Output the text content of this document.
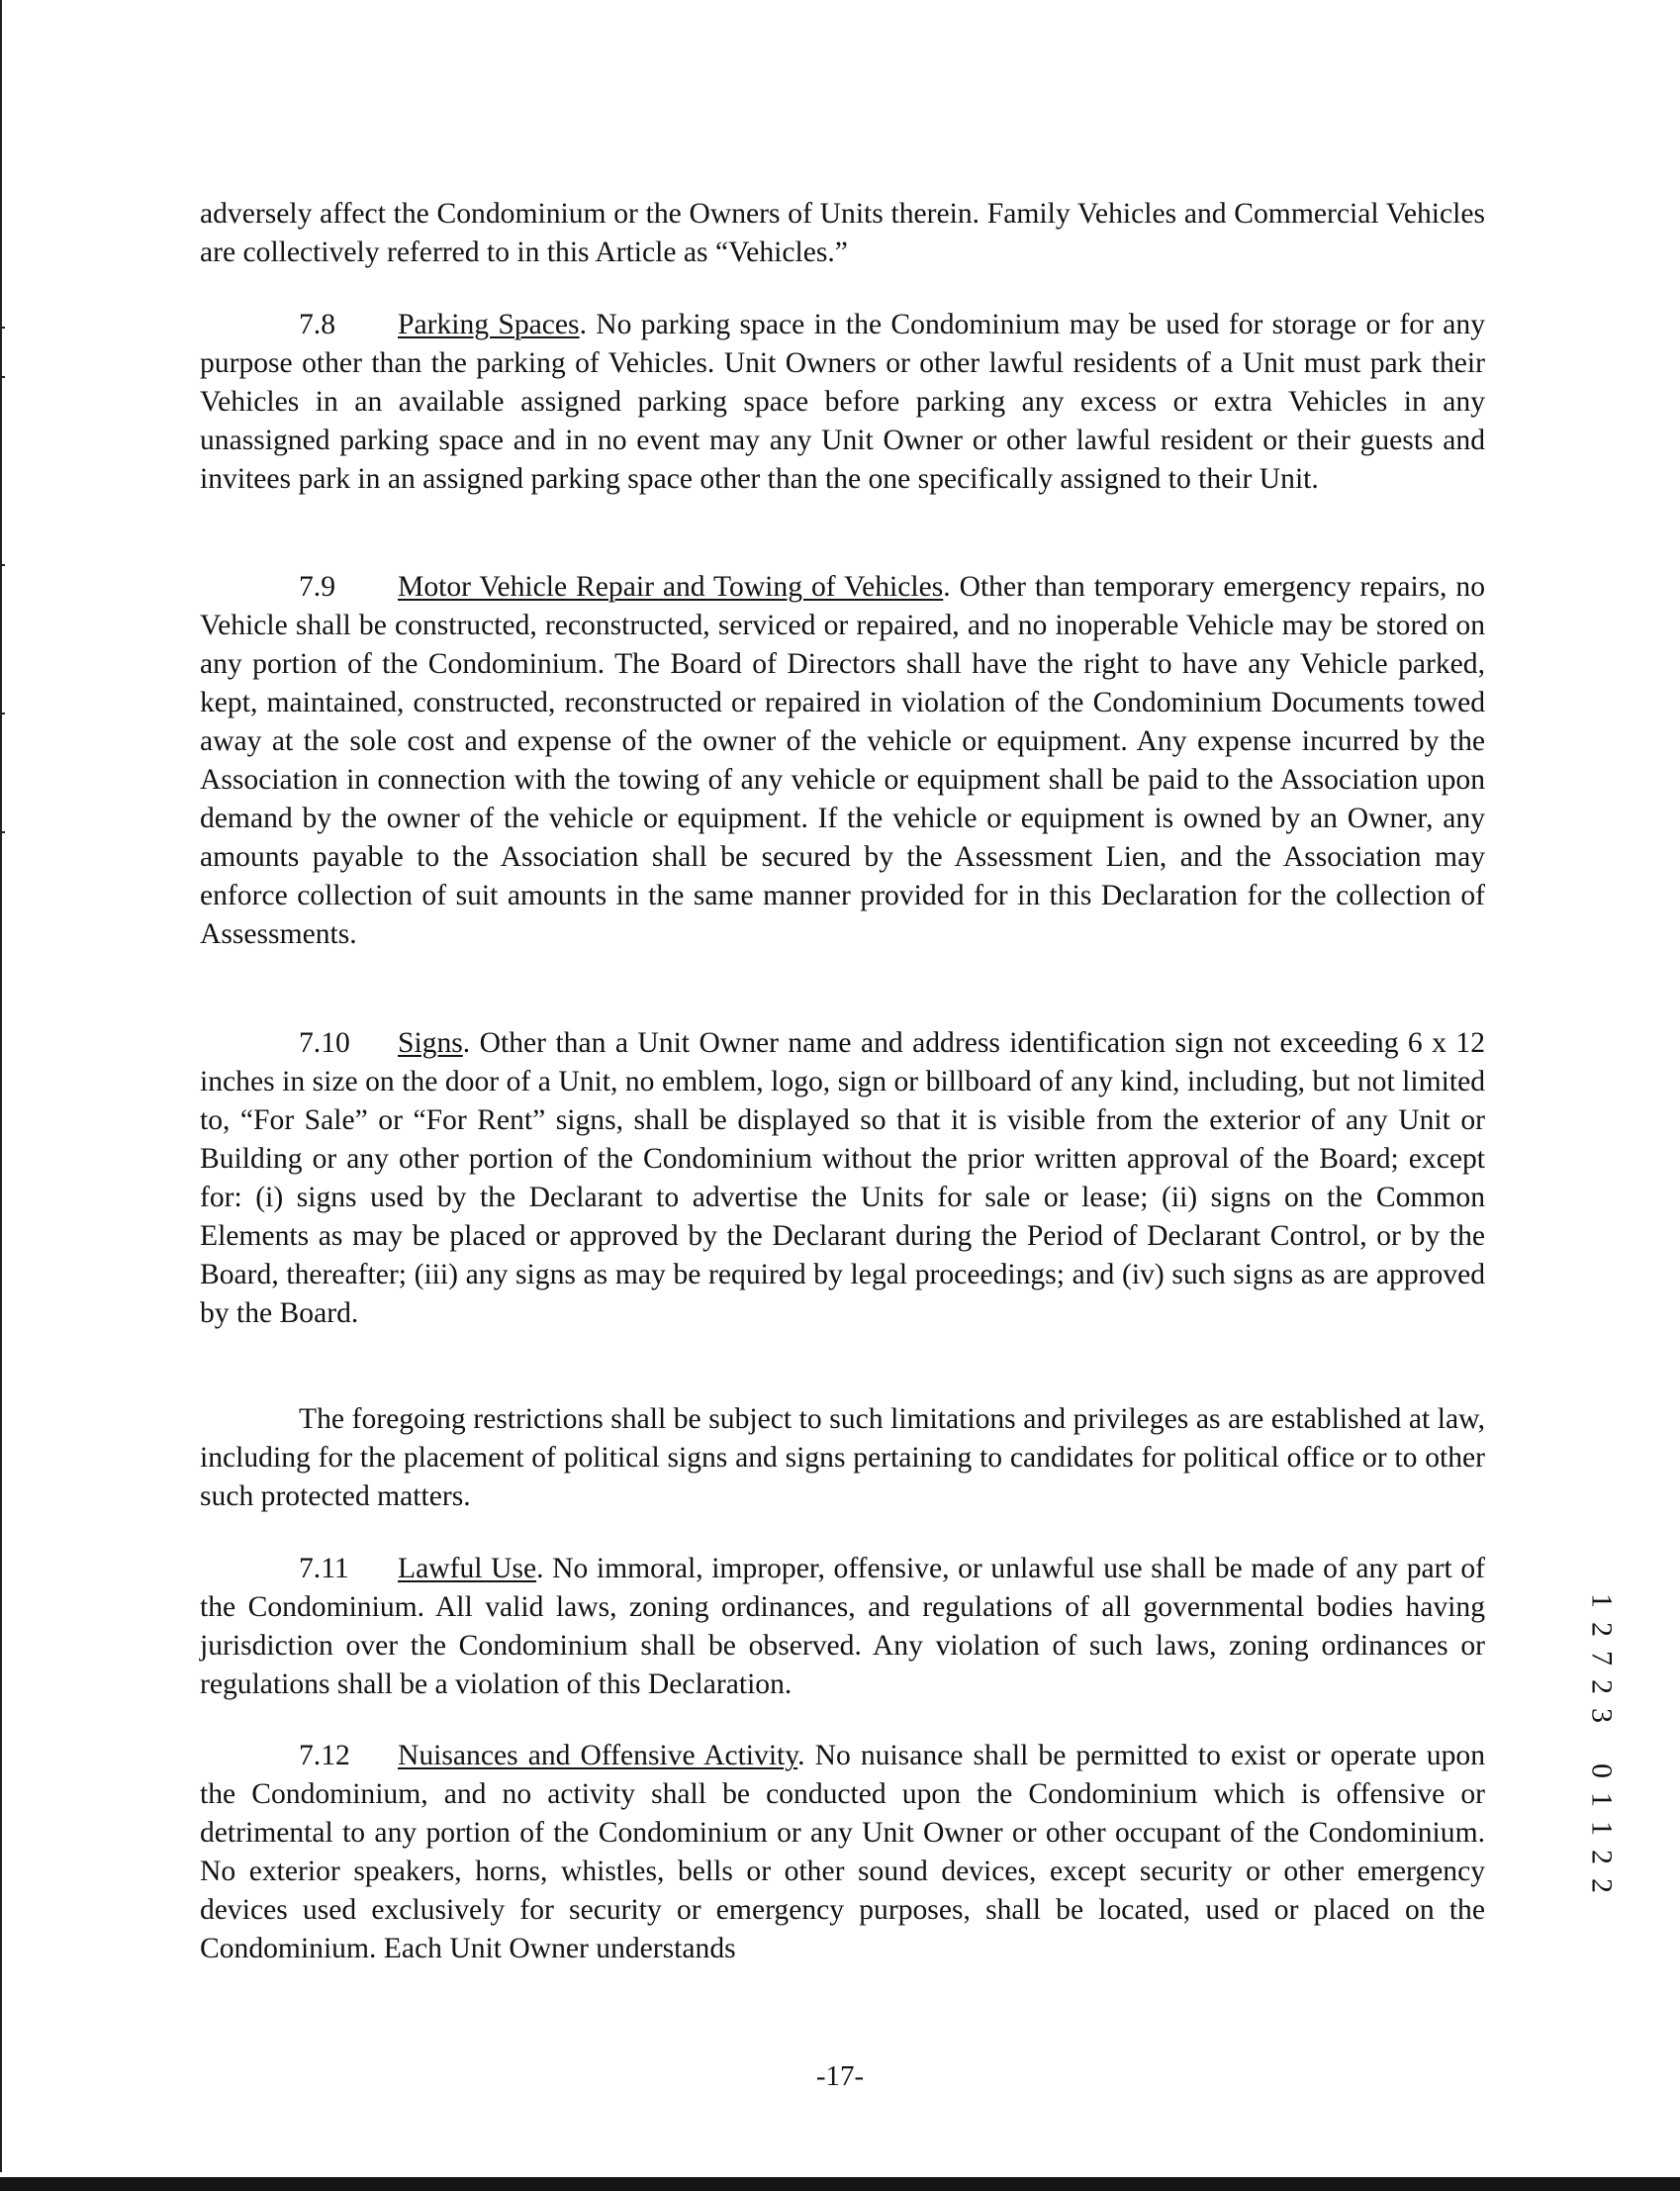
adversely affect the Condominium or the Owners of Units therein. Family Vehicles and Commercial Vehicles are collectively referred to in this Article as “Vehicles.”

7.8 Parking Spaces. No parking space in the Condominium may be used for storage or for any purpose other than the parking of Vehicles. Unit Owners or other lawful residents of a Unit must park their Vehicles in an available assigned parking space before parking any excess or extra Vehicles in any unassigned parking space and in no event may any Unit Owner or other lawful resident or their guests and invitees park in an assigned parking space other than the one specifically assigned to their Unit.

7.9 Motor Vehicle Repair and Towing of Vehicles. Other than temporary emergency repairs, no Vehicle shall be constructed, reconstructed, serviced or repaired, and no inoperable Vehicle may be stored on any portion of the Condominium. The Board of Directors shall have the right to have any Vehicle parked, kept, maintained, constructed, reconstructed or repaired in violation of the Condominium Documents towed away at the sole cost and expense of the owner of the vehicle or equipment. Any expense incurred by the Association in connection with the towing of any vehicle or equipment shall be paid to the Association upon demand by the owner of the vehicle or equipment. If the vehicle or equipment is owned by an Owner, any amounts payable to the Association shall be secured by the Assessment Lien, and the Association may enforce collection of suit amounts in the same manner provided for in this Declaration for the collection of Assessments.

7.10 Signs. Other than a Unit Owner name and address identification sign not exceeding 6 x 12 inches in size on the door of a Unit, no emblem, logo, sign or billboard of any kind, including, but not limited to, “For Sale” or “For Rent” signs, shall be displayed so that it is visible from the exterior of any Unit or Building or any other portion of the Condominium without the prior written approval of the Board; except for: (i) signs used by the Declarant to advertise the Units for sale or lease; (ii) signs on the Common Elements as may be placed or approved by the Declarant during the Period of Declarant Control, or by the Board, thereafter; (iii) any signs as may be required by legal proceedings; and (iv) such signs as are approved by the Board.

The foregoing restrictions shall be subject to such limitations and privileges as are established at law, including for the placement of political signs and signs pertaining to candidates for political office or to other such protected matters.

7.11 Lawful Use. No immoral, improper, offensive, or unlawful use shall be made of any part of the Condominium. All valid laws, zoning ordinances, and regulations of all governmental bodies having jurisdiction over the Condominium shall be observed. Any violation of such laws, zoning ordinances or regulations shall be a violation of this Declaration.

7.12 Nuisances and Offensive Activity. No nuisance shall be permitted to exist or operate upon the Condominium, and no activity shall be conducted upon the Condominium which is offensive or detrimental to any portion of the Condominium or any Unit Owner or other occupant of the Condominium. No exterior speakers, horns, whistles, bells or other sound devices, except security or other emergency devices used exclusively for security or emergency purposes, shall be located, used or placed on the Condominium. Each Unit Owner understands

1
2
7
2
3
0
1
1
2
2
-17-
